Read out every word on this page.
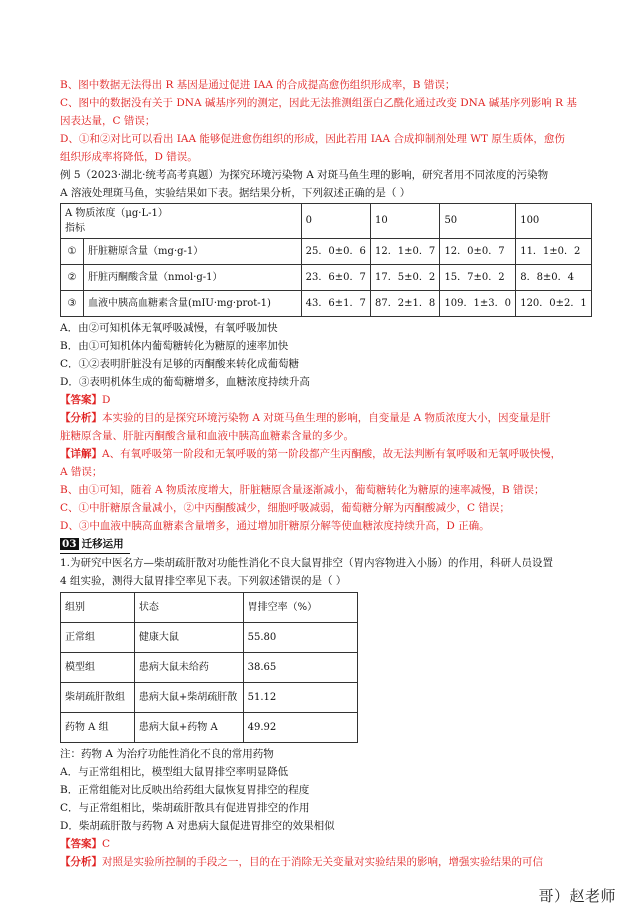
B、图中数据无法得出 R 基因是通过促进 IAA 的合成提高愈伤组织形成率，B 错误；
C、图中的数据没有关于 DNA 碱基序列的测定，因此无法推测组蛋白乙酰化通过改变 DNA 碱基序列影响 R 基
因表达量，C 错误；
D、①和②对比可以看出 IAA 能够促进愈伤组织的形成，因此若用 IAA 合成抑制剂处理 WT 原生质体，愈伤
组织形成率将降低，D 错误。
例 5（2023·湖北·统考高考真题）为探究环境污染物 A 对斑马鱼生理的影响，研究者用不同浓度的污染物
A 溶液处理斑马鱼，实验结果如下表。据结果分析，下列叙述正确的是（ ）
A 物质浓度（μg·L-1）
指标		0	10	50	100
①	肝脏糖原含量（mg·g-1）	25．0±0．6	12．1±0．7	12．0±0．7	11．1±0．2
②	肝脏丙酮酸含量（nmol·g-1）	23．6±0．7	17．5±0．2	15．7±0．2	8．8±0．4
③	血液中胰高血糖素含量(mIU·mg·prot-1)	43．6±1．7	87．2±1．8	109．1±3．0	120．0±2．1
A．由②可知机体无氧呼吸减慢，有氧呼吸加快
B．由①可知机体内葡萄糖转化为糖原的速率加快
C．①②表明肝脏没有足够的丙酮酸来转化成葡萄糖
D．③表明机体生成的葡萄糖增多，血糖浓度持续升高
【答案】D
【分析】本实验的目的是探究环境污染物 A 对斑马鱼生理的影响，自变量是 A 物质浓度大小，因变量是肝
脏糖原含量、肝脏丙酮酸含量和血液中胰高血糖素含量的多少。
【详解】A、有氧呼吸第一阶段和无氧呼吸的第一阶段都产生丙酮酸，故无法判断有氧呼吸和无氧呼吸快慢，
A 错误；
B、由①可知，随着 A 物质浓度增大，肝脏糖原含量逐渐减小，葡萄糖转化为糖原的速率减慢，B 错误；
C、①中肝糖原含量减小，②中丙酮酸减少，细胞呼吸减弱，葡萄糖分解为丙酮酸减少，C 错误；
D、③中血液中胰高血糖素含量增多，通过增加肝糖原分解等使血糖浓度持续升高，D 正确。
03 迁移运用
1.为研究中医名方—柴胡疏肝散对功能性消化不良大鼠胃排空（胃内容物进入小肠）的作用，科研人员设置
4 组实验，测得大鼠胃排空率见下表。下列叙述错误的是（ ）
组别	状态	胃排空率（%）
正常组	健康大鼠	55.80
模型组	患病大鼠未给药	38.65
柴胡疏肝散组	患病大鼠+柴胡疏肝散	51.12
药物 A 组	患病大鼠+药物 A	49.92
注：药物 A 为治疗功能性消化不良的常用药物
A．与正常组相比，模型组大鼠胃排空率明显降低
B．正常组能对比反映出给药组大鼠恢复胃排空的程度
C．与正常组相比，柴胡疏肝散具有促进胃排空的作用
D．柴胡疏肝散与药物 A 对患病大鼠促进胃排空的效果相似
【答案】C
【分析】对照是实验所控制的手段之一，目的在于消除无关变量对实验结果的影响，增强实验结果的可信
哥）赵老师
